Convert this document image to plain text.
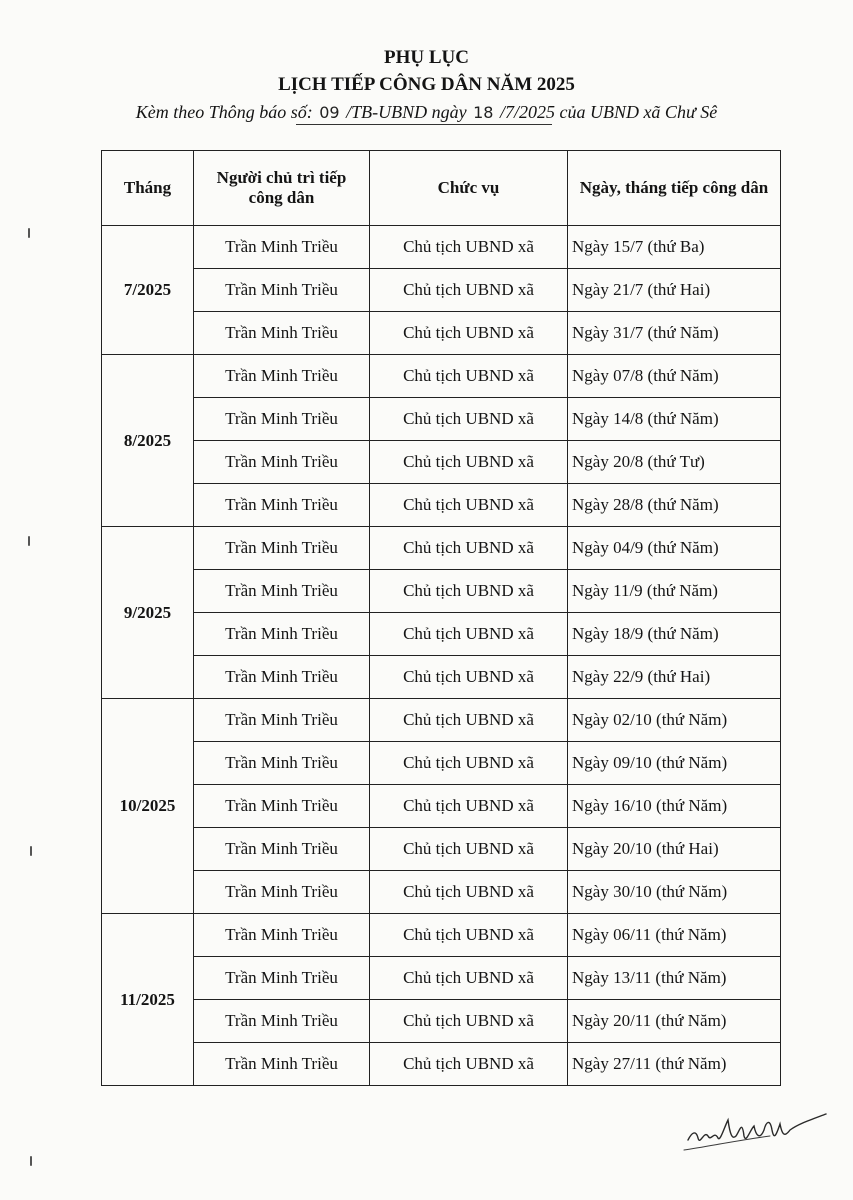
PHỤ LỤC
LỊCH TIẾP CÔNG DÂN NĂM 2025
Kèm theo Thông báo số: 09 /TB-UBND ngày 18 /7/2025 của UBND xã Chư Sê
Tháng	Người chủ trì tiếp công dân	Chức vụ	Ngày, tháng tiếp công dân
7/2025	Trần Minh Triều	Chủ tịch UBND xã	Ngày 15/7 (thứ Ba)
	Trần Minh Triều	Chủ tịch UBND xã	Ngày 21/7 (thứ Hai)
	Trần Minh Triều	Chủ tịch UBND xã	Ngày 31/7 (thứ Năm)
8/2025	Trần Minh Triều	Chủ tịch UBND xã	Ngày 07/8 (thứ Năm)
	Trần Minh Triều	Chủ tịch UBND xã	Ngày 14/8 (thứ Năm)
	Trần Minh Triều	Chủ tịch UBND xã	Ngày 20/8 (thứ Tư)
	Trần Minh Triều	Chủ tịch UBND xã	Ngày 28/8 (thứ Năm)
9/2025	Trần Minh Triều	Chủ tịch UBND xã	Ngày 04/9 (thứ Năm)
	Trần Minh Triều	Chủ tịch UBND xã	Ngày 11/9 (thứ Năm)
	Trần Minh Triều	Chủ tịch UBND xã	Ngày 18/9 (thứ Năm)
	Trần Minh Triều	Chủ tịch UBND xã	Ngày 22/9 (thứ Hai)
10/2025	Trần Minh Triều	Chủ tịch UBND xã	Ngày 02/10 (thứ Năm)
	Trần Minh Triều	Chủ tịch UBND xã	Ngày 09/10 (thứ Năm)
	Trần Minh Triều	Chủ tịch UBND xã	Ngày 16/10 (thứ Năm)
	Trần Minh Triều	Chủ tịch UBND xã	Ngày 20/10 (thứ Hai)
	Trần Minh Triều	Chủ tịch UBND xã	Ngày 30/10 (thứ Năm)
11/2025	Trần Minh Triều	Chủ tịch UBND xã	Ngày 06/11 (thứ Năm)
	Trần Minh Triều	Chủ tịch UBND xã	Ngày 13/11 (thứ Năm)
	Trần Minh Triều	Chủ tịch UBND xã	Ngày 20/11 (thứ Năm)
	Trần Minh Triều	Chủ tịch UBND xã	Ngày 27/11 (thứ Năm)
